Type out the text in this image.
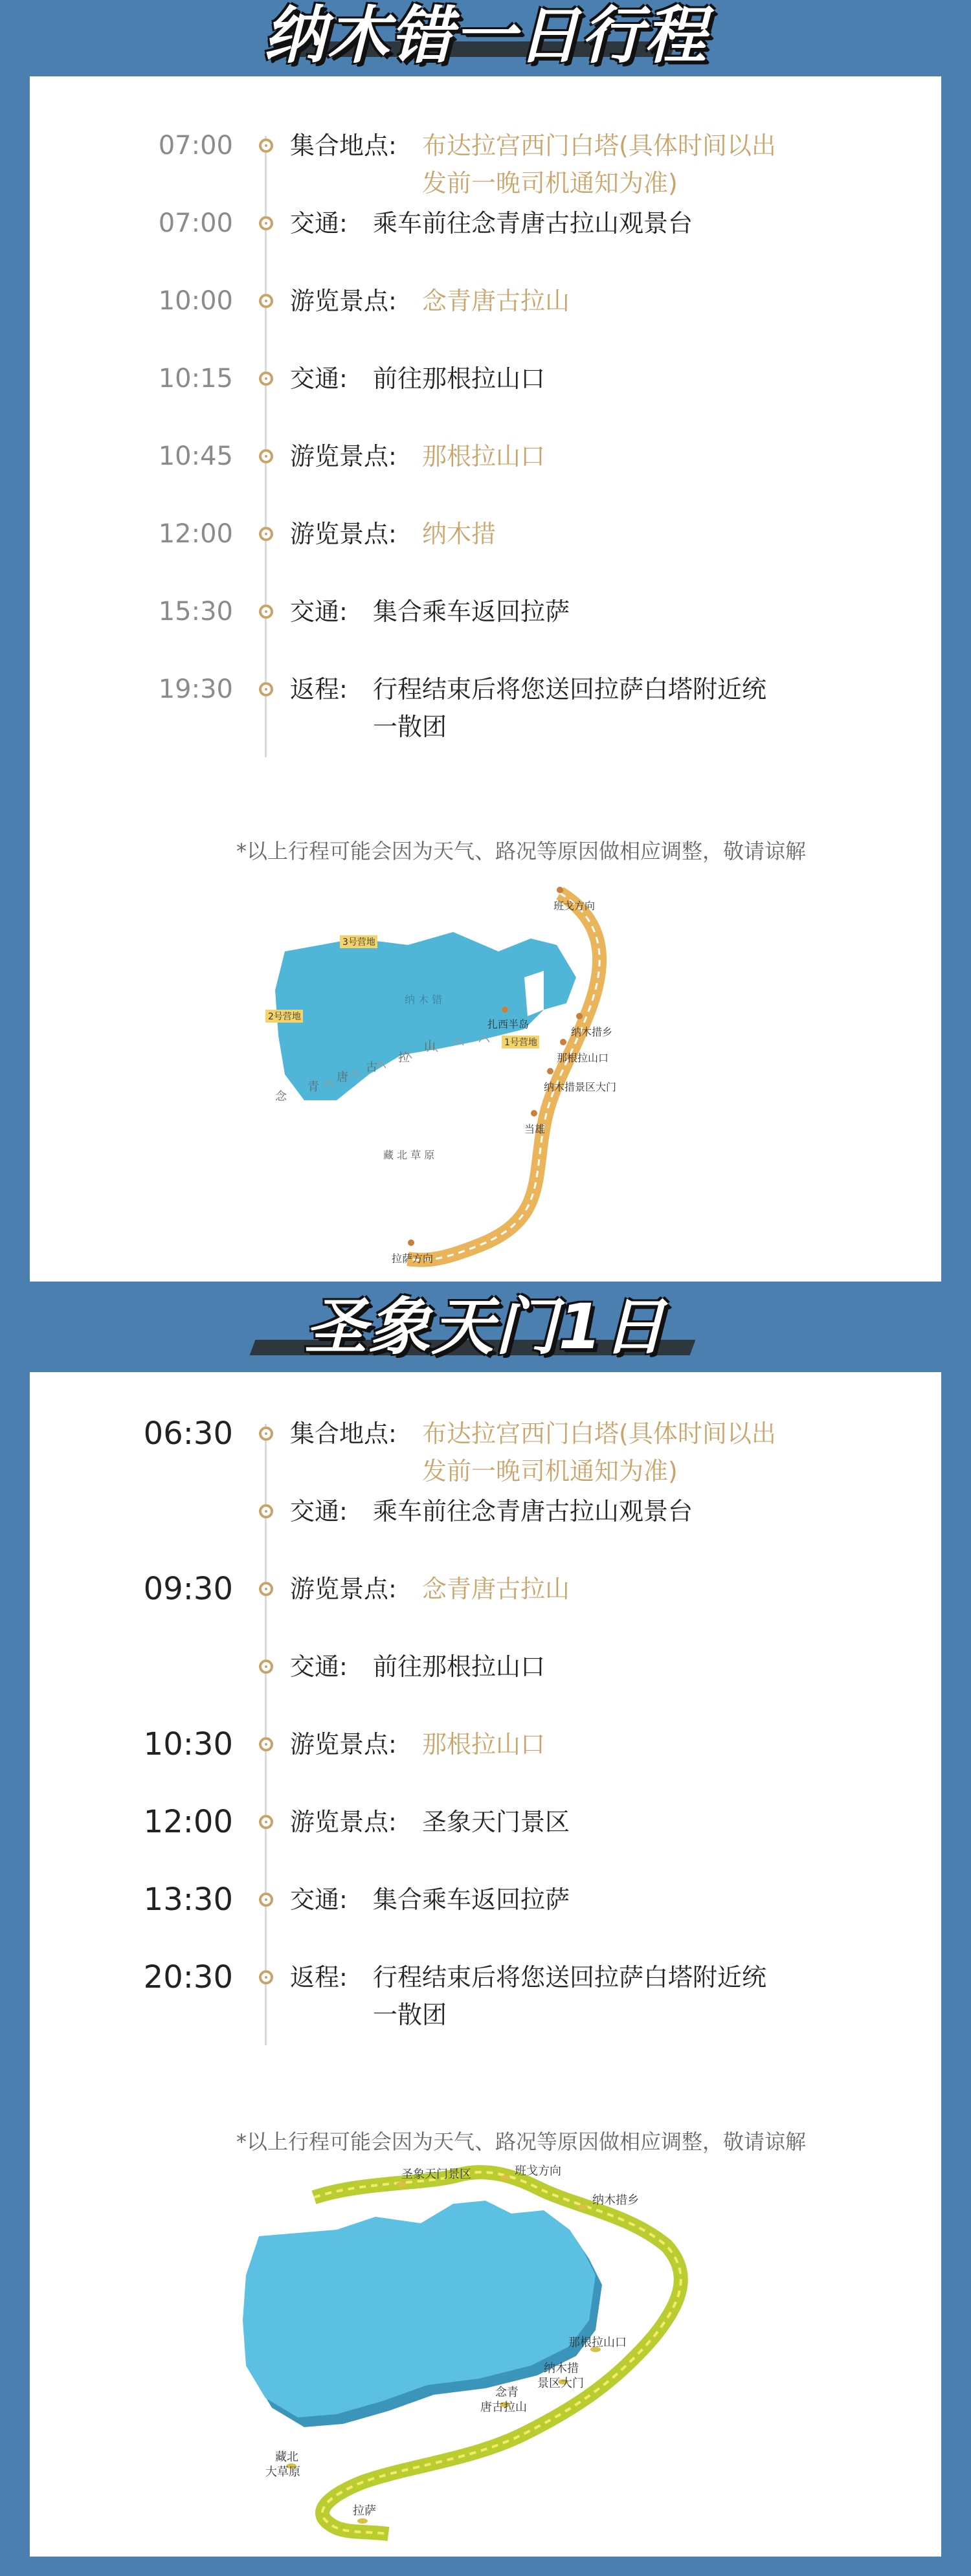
纳木错一日行程
07:00 集合地点: 布达拉宫西门白塔(具体时间以出
发前一晚司机通知为准)
07:00 交通: 乘车前往念青唐古拉山观景台
10:00 游览景点: 念青唐古拉山
10:15 交通: 前往那根拉山口
10:45 游览景点: 那根拉山口
12:00 游览景点: 纳木措
15:30 交通: 集合乘车返回拉萨
19:30 返程: 行程结束后将您送回拉萨白塔附近统
一散团
*以上行程可能会因为天气、路况等原因做相应调整，敬请谅解
纳 木 错
3号营地
2号营地
1号营地
班戈方向
扎西半岛
纳木措乡
那根拉山口
纳木措景区大门
当雄
拉萨方向
念
青
唐
古
拉
山
藏 北 草 原
圣象天门1日
06:30 集合地点: 布达拉宫西门白塔(具体时间以出
发前一晚司机通知为准)
交通: 乘车前往念青唐古拉山观景台
09:30 游览景点: 念青唐古拉山
交通: 前往那根拉山口
10:30 游览景点: 那根拉山口
12:00 游览景点: 圣象天门景区
13:30 交通: 集合乘车返回拉萨
20:30 返程: 行程结束后将您送回拉萨白塔附近统
一散团
*以上行程可能会因为天气、路况等原因做相应调整，敬请谅解
圣象天门景区	班戈方向
纳木措乡
那根拉山口
纳木措
景区大门
念青
唐古拉山
藏北
大草原
拉萨
